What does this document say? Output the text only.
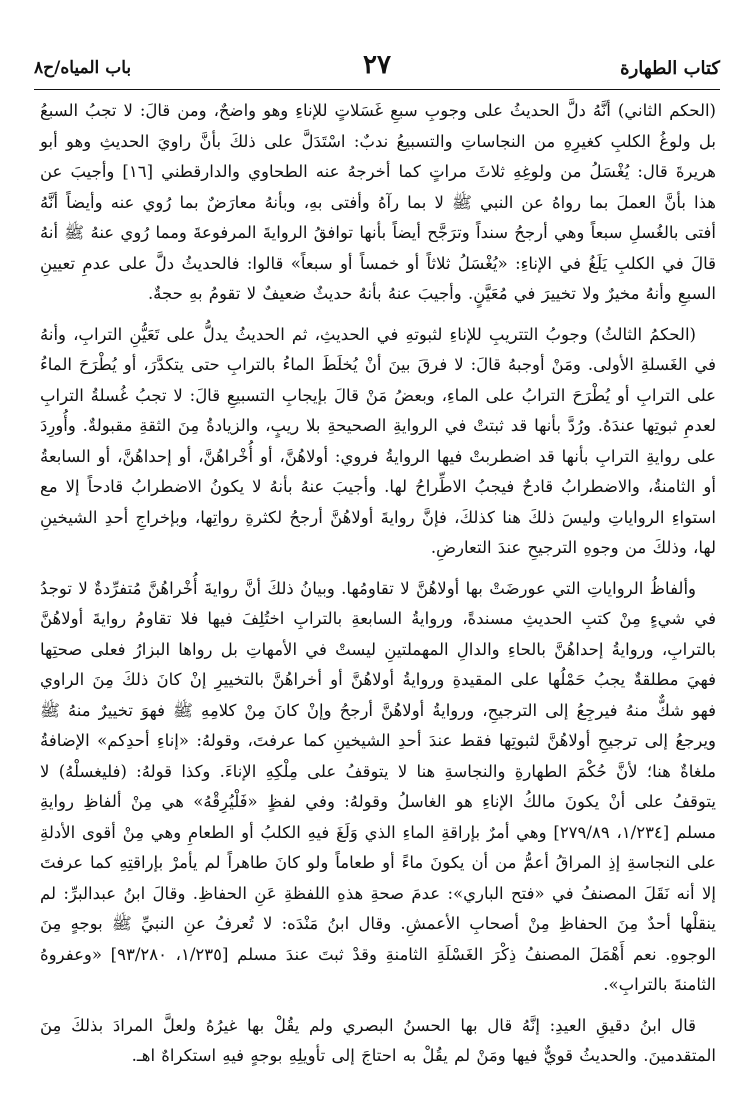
كتاب الطهارة
٢٧
باب المياه/ح٨

(الحكم الثاني) أنَّهُ دلَّ الحديثُ على وجوبِ سبعِ غَسَلاتٍ للإناءِ وهو واضحٌ، ومن قالَ: لا تجبُ السبعُ بل ولوغُ الكلبِ كغيرِهِ من النجاساتِ والتسبيعُ ندبٌ: اسْتَدَلَّ على ذلكَ بأنَّ راويَ الحديثِ وهو أبو هريرةَ قال: يُغْسَلُ من ولوغِهِ ثلاثَ مراتٍ كما أخرجهُ عنه الطحاوي والدارقطني [١٦] وأجيبَ عن هذا بأنَّ العملَ بما رواهُ عن النبي ﷺ لا بما رآهُ وأفتى بهِ، وبأنهُ معارَضٌ بما رُوي عنه وأيضاً أنَّهُ أفتى بالغُسلِ سبعاً وهي أرجحُ سنداً وترَجَّح أيضاً بأنها توافقُ الروايةَ المرفوعةَ ومما رُوي عنهُ ﷺ أنهُ قالَ في الكلبِ يَلَغُ في الإناءِ: «يُغْسَلُ ثلاثاً أو خمساً أو سبعاً» قالوا: فالحديثُ دلَّ على عدمِ تعيينِ السبعِ وأنهُ مخيرٌ ولا تخييرَ في مُعَيَّنٍ. وأجيبَ عنهُ بأنهُ حديثٌ ضعيفٌ لا تقومُ بهِ حجةٌ.

(الحكمُ الثالثُ) وجوبُ التتريبِ للإناءِ لثبوتهِ في الحديثِ، ثم الحديثُ يدلُّ على تَعَيُّنِ الترابِ، وأنهُ في الغَسلةِ الأولى. ومَنْ أوجبهُ قالَ: لا فرقَ بينَ أنْ يُخلَطَ الماءُ بالترابِ حتى يتكدَّرَ، أو يُطْرَحَ الماءُ على الترابِ أو يُطْرَحَ الترابُ على الماءِ، وبعضُ مَنْ قالَ بإيجابِ التسبيعِ قالَ: لا تجبُ غُسلةُ الترابِ لعدمِ ثبوتِها عندَهُ. ورُدَّ بأنها قد ثبتتْ في الروايةِ الصحيحةِ بلا ريبٍ، والزيادةُ مِنَ الثقةِ مقبولةٌ. وأُورِدَ على روايةِ الترابِ بأنها قد اضطربتْ فيها الروايةُ فروي: أولاهُنَّ، أو أُخْراهُنَّ، أو إحداهُنَّ، أو السابعةُ أو الثامنةُ، والاضطرابُ قادحٌ فيجبُ الاطِّراحُ لها. وأجيبَ عنهُ بأنهُ لا يكونُ الاضطرابُ قادحاً إلا مع استواءِ الرواياتِ وليسَ ذلكَ هنا كذلكَ، فإنَّ روايةَ أولاهُنَّ أرجحُ لكثرةِ رواتِها، وبإخراجِ أحدِ الشيخينِ لها، وذلكَ من وجوهِ الترجيحِ عندَ التعارضِ.

وألفاظُ الرواياتِ التي عورضَتْ بها أولاهُنَّ لا تقاومُها. وبيانُ ذلكَ أنَّ روايةَ أُخْراهُنَّ مُتفرِّدةٌ لا توجدُ في شيءٍ مِنْ كتبِ الحديثِ مسندةً، وروايةُ السابعةِ بالترابِ اختُلِفَ فيها فلا تقاومُ روايةَ أولاهُنَّ بالترابِ، وروايةُ إحداهُنَّ بالحاءِ والدالِ المهملتينِ ليستْ في الأمهاتِ بل رواها البزارُ فعلى صحتِها فهيَ مطلقةٌ يجبُ حَمْلُها على المقيدةِ وروايةُ أولاهُنَّ أو أخراهُنَّ بالتخييرِ إنْ كانَ ذلكَ مِنَ الراوي فهو شكٌّ منهُ فيرجِعُ إلى الترجيحِ، وروايةُ أولاهُنَّ أرجحُ وإنْ كانَ مِنْ كلامِهِ ﷺ فهوَ تخييرٌ منهُ ﷺ ويرجعُ إلى ترجيحِ أولاهُنَّ لثبوتِها فقط عندَ أحدِ الشيخينِ كما عرفتَ، وقولهُ: «إناءِ أحدِكم» الإضافةُ ملغاةٌ هنا؛ لأنَّ حُكْمَ الطهارةِ والنجاسةِ هنا لا يتوقفُ على مِلْكِهِ الإناءَ. وكذا قولهُ: (فليغسلْهُ) لا يتوقفُ على أنْ يكونَ مالكُ الإناءِ هو الغاسلُ وقولهُ: وفي لفظٍ «فَلْيُرِقْهُ» هي مِنْ ألفاظِ روايةِ مسلم [١/٢٣٤، ٢٧٩/٨٩] وهي أمرٌ بإراقةِ الماءِ الذي وَلَغَ فيهِ الكلبُ أو الطعامِ وهي مِنْ أقوى الأدلةِ على النجاسةِ إذِ المراقُ أعمُّ من أن يكونَ ماءً أو طعاماً ولو كانَ طاهراً لم يأمرْ بإراقتِهِ كما عرفتَ إلا أنه نَقَلَ المصنفُ في «فتح الباري»: عدمَ صحةِ هذهِ اللفظةِ عَنِ الحفاظِ. وقالَ ابنُ عبدالبرِّ: لم ينقلْها أحدٌ مِنَ الحفاظِ مِنْ أصحابِ الأعمشِ. وقال ابنُ مَنْدَه: لا تُعرفُ عنِ النبيِّ ﷺ بوجهٍ مِنَ الوجوهِ. نعم أَهْمَلَ المصنفُ ذِكْرَ الغَسْلَةِ الثامنةِ وقدْ ثبتَ عندَ مسلم [١/٢٣٥، ٩٣/٢٨٠] «وعفروهُ الثامنةَ بالترابِ».

قال ابنُ دقيقِ العيدِ: إنَّهُ قال بها الحسنُ البصري ولم يقُلْ بها غيرُهُ ولعلَّ المرادَ بذلكَ مِنَ المتقدمينَ. والحديثُ قويٌّ فيها ومَنْ لم يقُلْ به احتاجَ إلى تأويلِهِ بوجهٍ فيهِ استكراهٌ اهـ.
